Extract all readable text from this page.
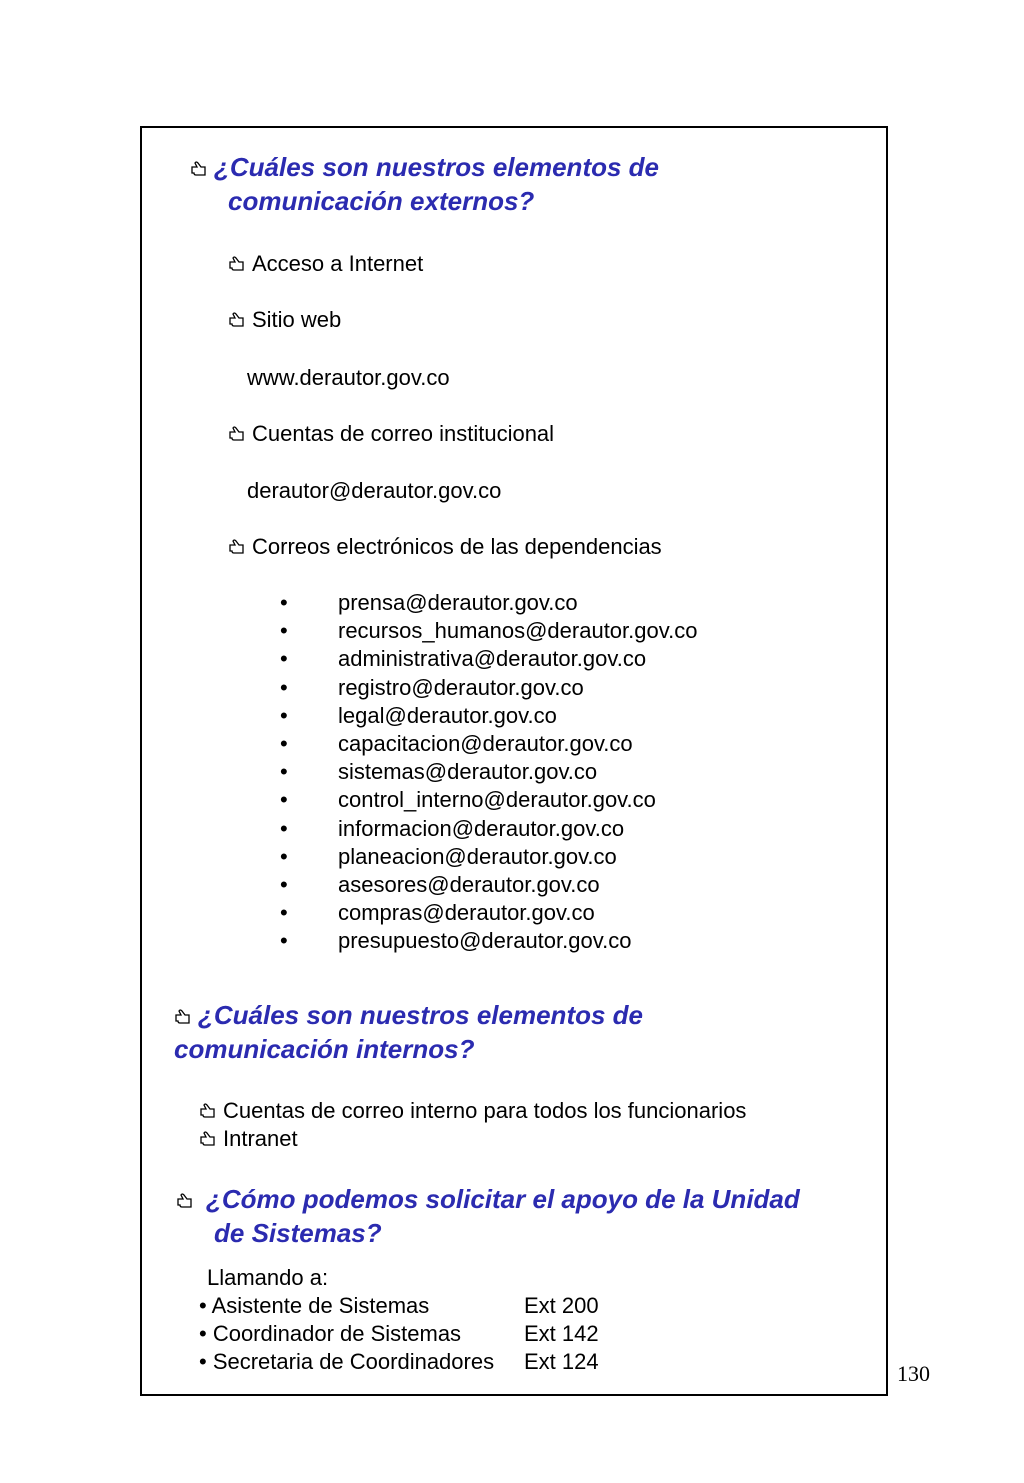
¿Cuáles son nuestros elementos de
comunicación externos?
Acceso a Internet
Sitio web
www.derautor.gov.co
Cuentas de correo institucional
derautor@derautor.gov.co
Correos electrónicos de las dependencias
• prensa@derautor.gov.co
• recursos_humanos@derautor.gov.co
• administrativa@derautor.gov.co
• registro@derautor.gov.co
• legal@derautor.gov.co
• capacitacion@derautor.gov.co
• sistemas@derautor.gov.co
• control_interno@derautor.gov.co
• informacion@derautor.gov.co
• planeacion@derautor.gov.co
• asesores@derautor.gov.co
• compras@derautor.gov.co
• presupuesto@derautor.gov.co
¿Cuáles son nuestros elementos de
comunicación internos?
Cuentas de correo interno para todos los funcionarios
Intranet
¿Cómo podemos solicitar el apoyo de la Unidad
de Sistemas?
Llamando a:
• Asistente de Sistemas	Ext 200
• Coordinador de Sistemas	Ext 142
• Secretaria de Coordinadores Ext 124	130
